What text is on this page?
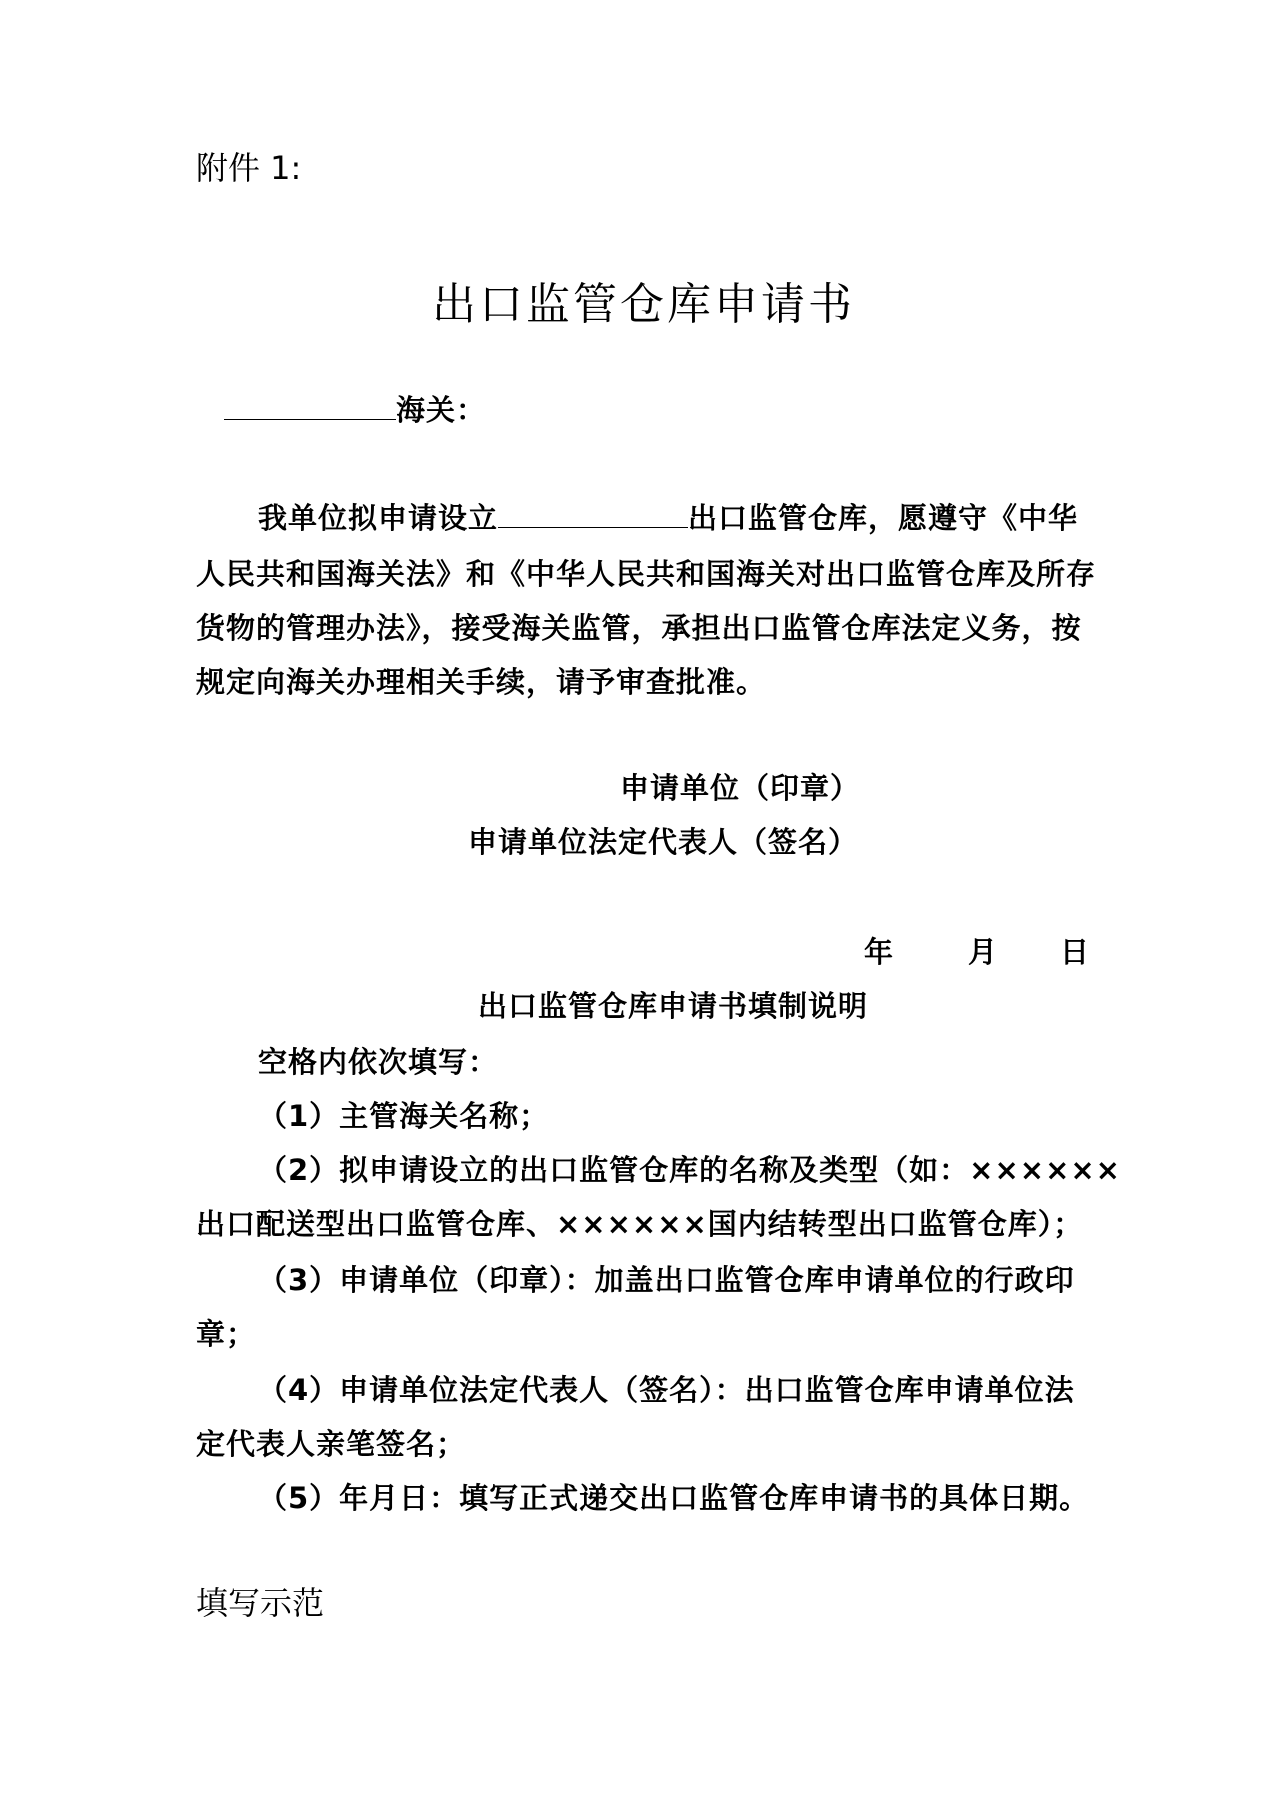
附件 1:
出口监管仓库申请书
海关：
我单位拟申请设立	出口监管仓库，愿遵守《中华
人民共和国海关法》和《中华人民共和国海关对出口监管仓库及所存
货物的管理办法》，接受海关监管，承担出口监管仓库法定义务，按
规定向海关办理相关手续，请予审查批准。
申请单位（印章）
申请单位法定代表人（签名）
年	月 日
出口监管仓库申请书填制说明
空格内依次填写：
（1）主管海关名称；
（2）拟申请设立的出口监管仓库的名称及类型（如：××××××
出口配送型出口监管仓库、××××××国内结转型出口监管仓库）；
（3）申请单位（印章）：加盖出口监管仓库申请单位的行政印
章；
（4）申请单位法定代表人（签名）：出口监管仓库申请单位法
定代表人亲笔签名；
（5）年月日：填写正式递交出口监管仓库申请书的具体日期。
填写示范
